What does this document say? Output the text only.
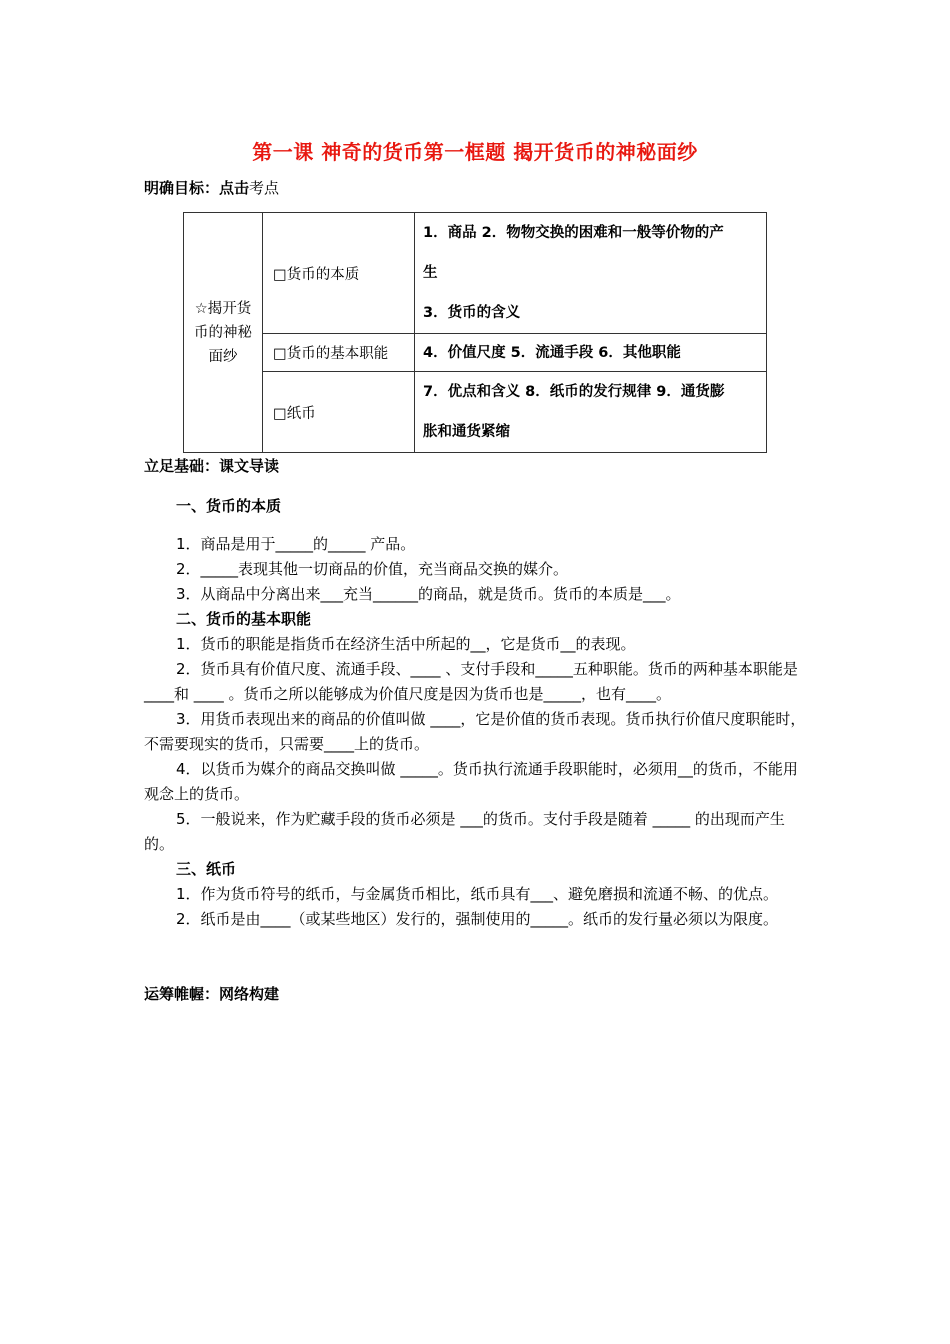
第一课 神奇的货币第一框题 揭开货币的神秘面纱
明确目标：点击考点
☆揭开货币的神秘面纱	□货币的本质	1．商品 2．物物交换的困难和一般等价物的产
生
3．货币的含义

	□货币的基本职能	4．价值尺度 5．流通手段 6．其他职能

	□纸币	7．优点和含义 8．纸币的发行规律 9．通货膨
胀和通货紧缩
立足基础：课文导读

一、货币的本质

1．商品是用于_____的_____ 产品。

2．_____表现其他一切商品的价值，充当商品交换的媒介。

3．从商品中分离出来___充当______的商品，就是货币。货币的本质是___。

二、货币的基本职能

1．货币的职能是指货币在经济生活中所起的__，它是货币__的表现。

2．货币具有价值尺度、流通手段、____ 、支付手段和_____五种职能。货币的两种基本职能是 ____和 ____ 。货币之所以能够成为价值尺度是因为货币也是_____，也有____。

3．用货币表现出来的商品的价值叫做 ____，它是价值的货币表现。货币执行价值尺度职能时，不需要现实的货币，只需要____上的货币。

4．以货币为媒介的商品交换叫做 _____。货币执行流通手段职能时，必须用__的货币，不能用观念上的货币。

5．一般说来，作为贮藏手段的货币必须是 ___的货币。支付手段是随着 _____ 的出现而产生的。

三、纸币

1．作为货币符号的纸币，与金属货币相比，纸币具有___、避免磨损和流通不畅、的优点。

2．纸币是由____（或某些地区）发行的，强制使用的_____。纸币的发行量必须以为限度。

运筹帷幄：网络构建
